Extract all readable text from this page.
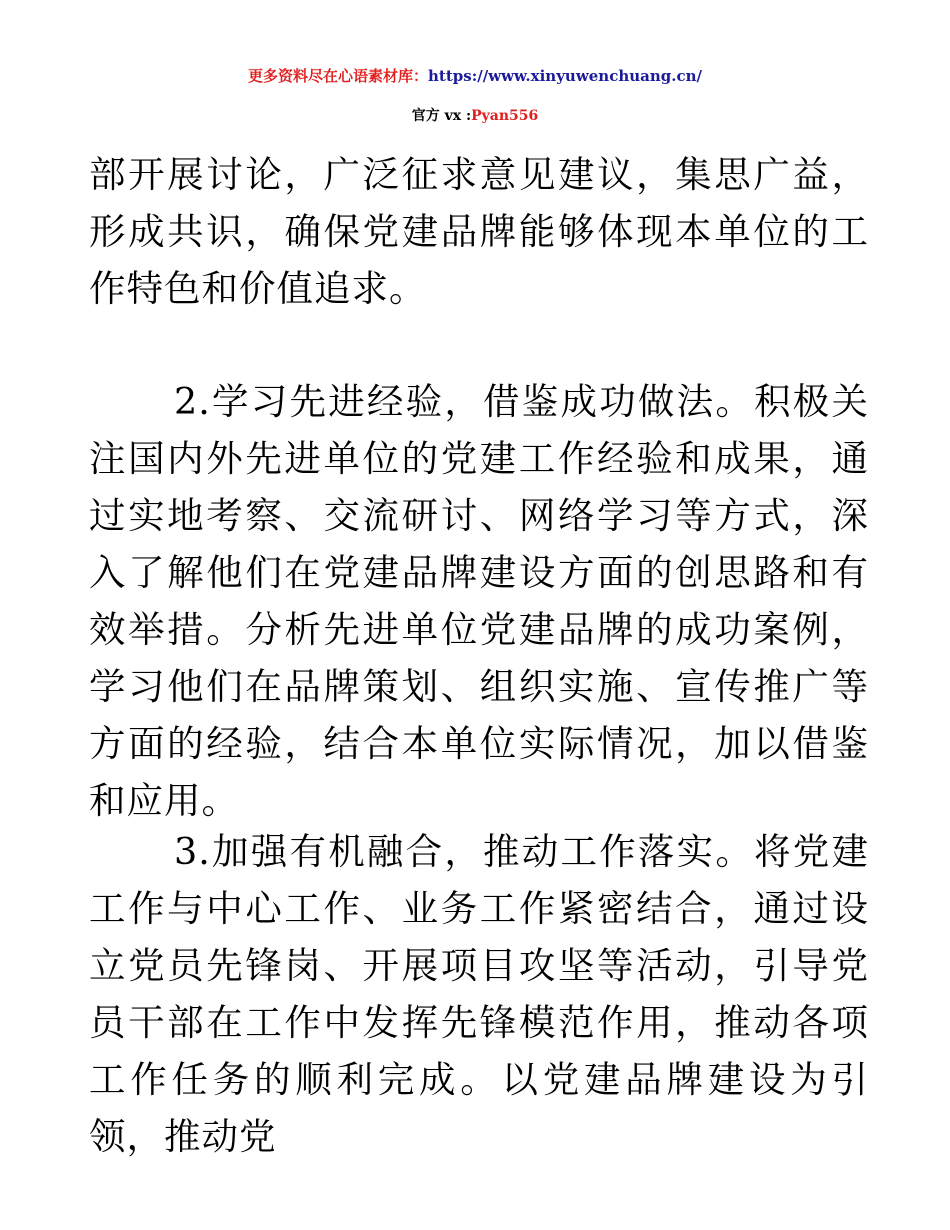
更多资料尽在心语素材库：https://www.xinyuwenchuang.cn/
官方 vx :Pyan556

部开展讨论，广泛征求意见建议，集思广益，形成共识，确保党建品牌能够体现本单位的工作特色和价值追求。

2.学习先进经验，借鉴成功做法。积极关注国内外先进单位的党建工作经验和成果，通过实地考察、交流研讨、网络学习等方式，深入了解他们在党建品牌建设方面的创思路和有效举措。分析先进单位党建品牌的成功案例，学习他们在品牌策划、组织实施、宣传推广等方面的经验，结合本单位实际情况，加以借鉴和应用。

3.加强有机融合，推动工作落实。将党建工作与中心工作、业务工作紧密结合，通过设立党员先锋岗、开展项目攻坚等活动，引导党员干部在工作中发挥先锋模范作用，推动各项工作任务的顺利完成。以党建品牌建设为引领，推动党
